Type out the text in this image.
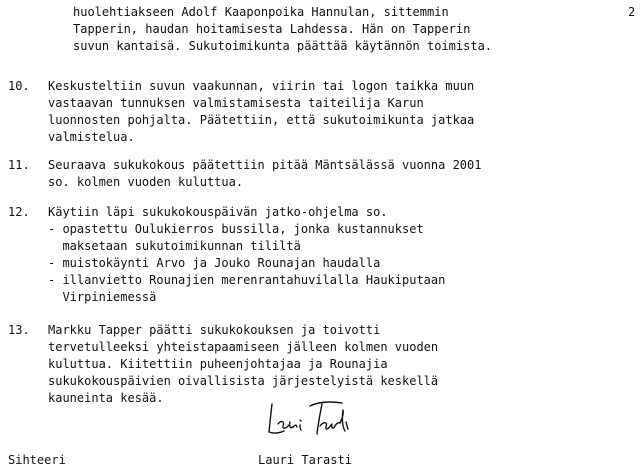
2
huolehtiakseen Adolf Kaaponpoika Hannulan, sittemmin
Tapperin, haudan hoitamisesta Lahdessa. Hän on Tapperin
suvun kantaisä. Sukutoimikunta päättää käytännön toimista.
10. Keskusteltiin suvun vaakunnan, viirin tai logon taikka muun
vastaavan tunnuksen valmistamisesta taiteilija Karun
luonnosten pohjalta. Päätettiin, että sukutoimikunta jatkaa
valmistelua.
11. Seuraava sukukokous päätettiin pitää Mäntsälässä vuonna 2001
so. kolmen vuoden kuluttua.
12. Käytiin läpi sukukokouspäivän jatko-ohjelma so.
- opastettu Oulukierros bussilla, jonka kustannukset
maksetaan sukutoimikunnan tililtä
- muistokäynti Arvo ja Jouko Rounajan haudalla
- illanvietto Rounajien merenrantahuvilalla Haukiputaan
Virpiniemessä
13. Markku Tapper päätti sukukokouksen ja toivotti
tervetulleeksi yhteistapaamiseen jälleen kolmen vuoden
kuluttua. Kiitettiin puheenjohtajaa ja Rounajia
sukukokouspäivien oivallisista järjestelyistä keskellä
kauneinta kesää.
Sihteeri	Lauri Tarasti
